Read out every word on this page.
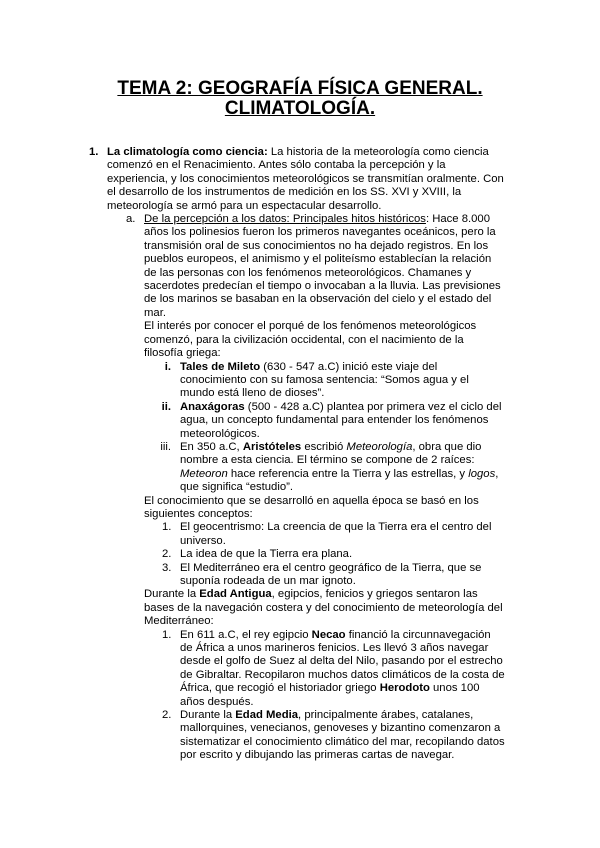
TEMA 2: GEOGRAFÍA FÍSICA GENERAL.
CLIMATOLOGÍA.
1. La climatología como ciencia: La historia de la meteorología como ciencia comenzó en el Renacimiento. Antes sólo contaba la percepción y la experiencia, y los conocimientos meteorológicos se transmitían oralmente. Con el desarrollo de los instrumentos de medición en los SS. XVI y XVIII, la meteorología se armó para un espectacular desarrollo.
a. De la percepción a los datos: Principales hitos históricos: Hace 8.000 años los polinesios fueron los primeros navegantes oceánicos, pero la transmisión oral de sus conocimientos no ha dejado registros. En los pueblos europeos, el animismo y el politeísmo establecían la relación de las personas con los fenómenos meteorológicos. Chamanes y sacerdotes predecían el tiempo o invocaban a la lluvia. Las previsiones de los marinos se basaban en la observación del cielo y el estado del mar.
El interés por conocer el porqué de los fenómenos meteorológicos comenzó, para la civilización occidental, con el nacimiento de la filosofía griega:
i. Tales de Mileto (630 - 547 a.C) inició este viaje del conocimiento con su famosa sentencia: “Somos agua y el mundo está lleno de dioses”.
ii. Anaxágoras (500 - 428 a.C) plantea por primera vez el ciclo del agua, un concepto fundamental para entender los fenómenos meteorológicos.
iii. En 350 a.C, Aristóteles escribió Meteorología, obra que dio nombre a esta ciencia. El término se compone de 2 raíces: Meteoron hace referencia entre la Tierra y las estrellas, y logos, que significa “estudio”.
El conocimiento que se desarrolló en aquella época se basó en los siguientes conceptos:
1. El geocentrismo: La creencia de que la Tierra era el centro del universo.
2. La idea de que la Tierra era plana.
3. El Mediterráneo era el centro geográfico de la Tierra, que se suponía rodeada de un mar ignoto.
Durante la Edad Antigua, egipcios, fenicios y griegos sentaron las bases de la navegación costera y del conocimiento de meteorología del Mediterráneo:
1. En 611 a.C, el rey egipcio Necao financió la circunnavegación de África a unos marineros fenicios. Les llevó 3 años navegar desde el golfo de Suez al delta del Nilo, pasando por el estrecho de Gibraltar. Recopilaron muchos datos climáticos de la costa de África, que recogió el historiador griego Herodoto unos 100 años después.
2. Durante la Edad Media, principalmente árabes, catalanes, mallorquines, venecianos, genoveses y bizantino comenzaron a sistematizar el conocimiento climático del mar, recopilando datos por escrito y dibujando las primeras cartas de navegar.
